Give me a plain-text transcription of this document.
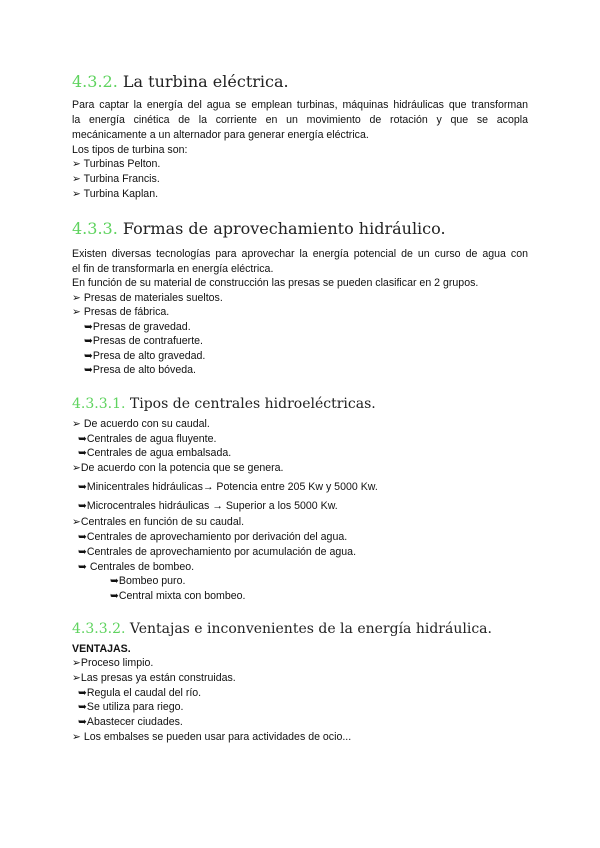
4.3.2. La turbina eléctrica.
Para captar la energía del agua se emplean turbinas, máquinas hidráulicas que transforman
la energía cinética de la corriente en un movimiento de rotación y que se acopla
mecánicamente a un alternador para generar energía eléctrica.
Los tipos de turbina son:
➢ Turbinas Pelton.
➢ Turbina Francis.
➢ Turbina Kaplan.
4.3.3. Formas de aprovechamiento hidráulico.
Existen diversas tecnologías para aprovechar la energía potencial de un curso de agua con
el fin de transformarla en energía eléctrica.
En función de su material de construcción las presas se pueden clasificar en 2 grupos.
➢ Presas de materiales sueltos.
➢ Presas de fábrica.
➥Presas de gravedad.
➥Presas de contrafuerte.
➥Presa de alto gravedad.
➥Presa de alto bóveda.
4.3.3.1. Tipos de centrales hidroeléctricas.
➢ De acuerdo con su caudal.
➥Centrales de agua fluyente.
➥Centrales de agua embalsada.
➢De acuerdo con la potencia que se genera.
➥Minicentrales hidráulicas→ Potencia entre 205 Kw y 5000 Kw.
➥Microcentrales hidráulicas → Superior a los 5000 Kw.
➢Centrales en función de su caudal.
➥Centrales de aprovechamiento por derivación del agua.
➥Centrales de aprovechamiento por acumulación de agua.
➥ Centrales de bombeo.
➥Bombeo puro.
➥Central mixta con bombeo.
4.3.3.2. Ventajas e inconvenientes de la energía hidráulica.
VENTAJAS.
➢Proceso limpio.
➢Las presas ya están construidas.
➥Regula el caudal del río.
➥Se utiliza para riego.
➥Abastecer ciudades.
➢ Los embalses se pueden usar para actividades de ocio...
